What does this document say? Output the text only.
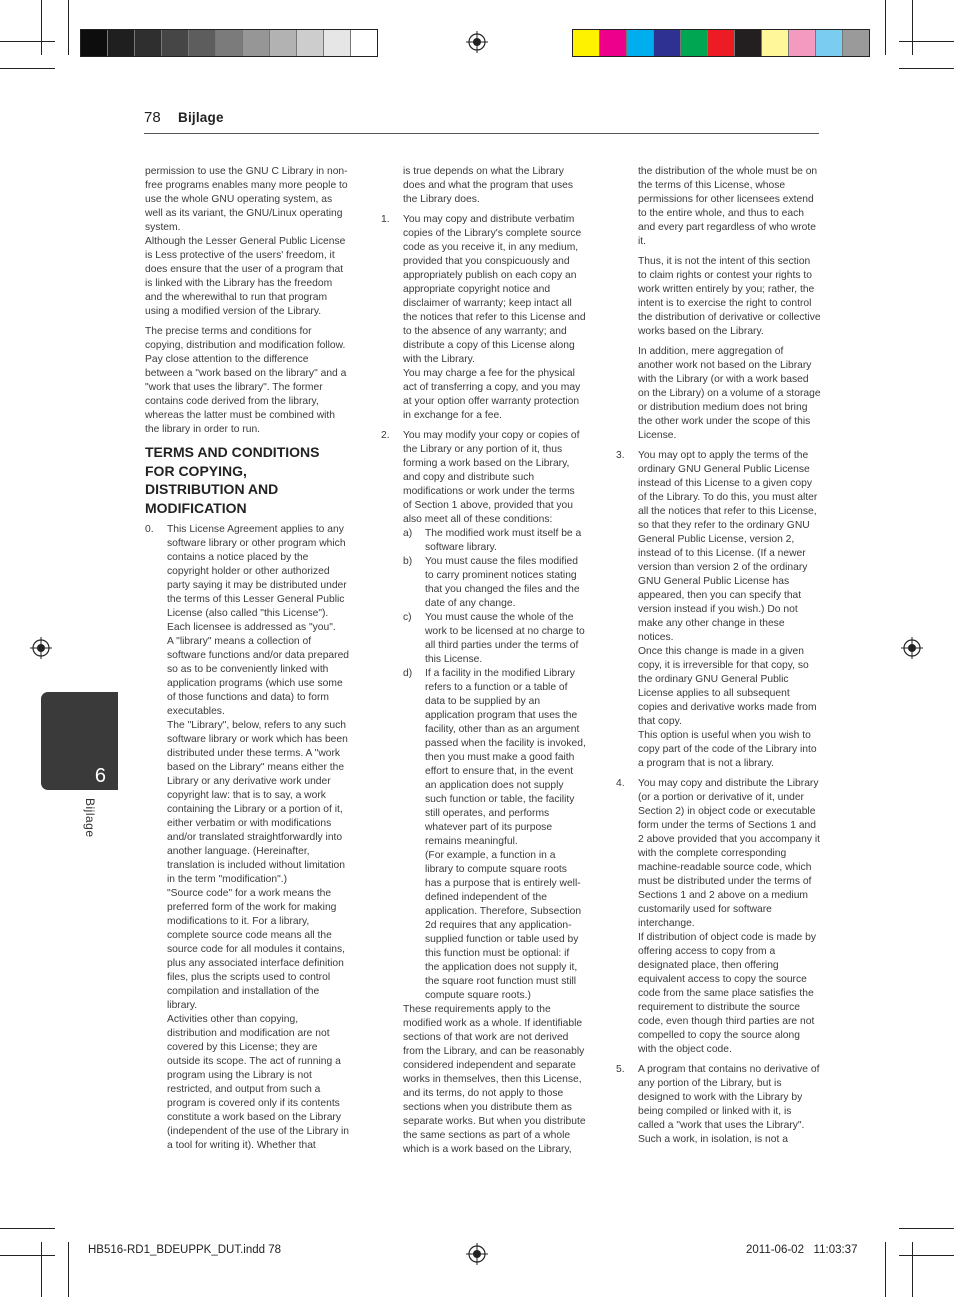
78 Bijlage
6
Bijlage

permission to use the GNU C Library in non-free programs enables many more people to use the whole GNU operating system, as well as its variant, the GNU/Linux operating system.
Although the Lesser General Public License is Less protective of the users' freedom, it does ensure that the user of a program that is linked with the Library has the freedom and the wherewithal to run that program using a modified version of the Library.

The precise terms and conditions for copying, distribution and modification follow. Pay close attention to the difference between a "work based on the library" and a "work that uses the library". The former contains code derived from the library, whereas the latter must be combined with the library in order to run.

TERMS AND CONDITIONS FOR COPYING, DISTRIBUTION AND MODIFICATION
0. This License Agreement applies to any software library or other program which contains a notice placed by the copyright holder or other authorized party saying it may be distributed under the terms of this Lesser General Public License (also called "this License"). Each licensee is addressed as "you".
A "library" means a collection of software functions and/or data prepared so as to be conveniently linked with application programs (which use some of those functions and data) to form executables.
The "Library", below, refers to any such software library or work which has been distributed under these terms. A "work based on the Library" means either the Library or any derivative work under copyright law: that is to say, a work containing the Library or a portion of it, either verbatim or with modifications and/or translated straightforwardly into another language. (Hereinafter, translation is included without limitation in the term "modification".)
"Source code" for a work means the preferred form of the work for making modifications to it. For a library, complete source code means all the source code for all modules it contains, plus any associated interface definition files, plus the scripts used to control compilation and installation of the library.
Activities other than copying, distribution and modification are not covered by this License; they are outside its scope. The act of running a program using the Library is not restricted, and output from such a program is covered only if its contents constitute a work based on the Library (independent of the use of the Library in a tool for writing it). Whether that

is true depends on what the Library does and what the program that uses the Library does.

1. You may copy and distribute verbatim copies of the Library's complete source code as you receive it, in any medium, provided that you conspicuously and appropriately publish on each copy an appropriate copyright notice and disclaimer of warranty; keep intact all the notices that refer to this License and to the absence of any warranty; and distribute a copy of this License along with the Library.
You may charge a fee for the physical act of transferring a copy, and you may at your option offer warranty protection in exchange for a fee.
2. You may modify your copy or copies of the Library or any portion of it, thus forming a work based on the Library, and copy and distribute such modifications or work under the terms of Section 1 above, provided that you also meet all of these conditions:
a) The modified work must itself be a software library.
b) You must cause the files modified to carry prominent notices stating that you changed the files and the date of any change.
c) You must cause the whole of the work to be licensed at no charge to all third parties under the terms of this License.
d) If a facility in the modified Library refers to a function or a table of data to be supplied by an application program that uses the facility, other than as an argument passed when the facility is invoked, then you must make a good faith effort to ensure that, in the event an application does not supply such function or table, the facility still operates, and performs whatever part of its purpose remains meaningful.
(For example, a function in a library to compute square roots has a purpose that is entirely well-defined independent of the application. Therefore, Subsection 2d requires that any application-supplied function or table used by this function must be optional: if the application does not supply it, the square root function must still compute square roots.)
These requirements apply to the modified work as a whole. If identifiable sections of that work are not derived from the Library, and can be reasonably considered independent and separate works in themselves, then this License, and its terms, do not apply to those sections when you distribute them as separate works. But when you distribute the same sections as part of a whole which is a work based on the Library,

the distribution of the whole must be on the terms of this License, whose permissions for other licensees extend to the entire whole, and thus to each and every part regardless of who wrote it.

Thus, it is not the intent of this section to claim rights or contest your rights to work written entirely by you; rather, the intent is to exercise the right to control the distribution of derivative or collective works based on the Library.

In addition, mere aggregation of another work not based on the Library with the Library (or with a work based on the Library) on a volume of a storage or distribution medium does not bring the other work under the scope of this License.

3. You may opt to apply the terms of the ordinary GNU General Public License instead of this License to a given copy of the Library. To do this, you must alter all the notices that refer to this License, so that they refer to the ordinary GNU General Public License, version 2, instead of to this License. (If a newer version than version 2 of the ordinary GNU General Public License has appeared, then you can specify that version instead if you wish.) Do not make any other change in these notices.
Once this change is made in a given copy, it is irreversible for that copy, so the ordinary GNU General Public License applies to all subsequent copies and derivative works made from that copy.
This option is useful when you wish to copy part of the code of the Library into a program that is not a library.
4. You may copy and distribute the Library (or a portion or derivative of it, under Section 2) in object code or executable form under the terms of Sections 1 and 2 above provided that you accompany it with the complete corresponding machine-readable source code, which must be distributed under the terms of Sections 1 and 2 above on a medium customarily used for software interchange.
If distribution of object code is made by offering access to copy from a designated place, then offering equivalent access to copy the source code from the same place satisfies the requirement to distribute the source code, even though third parties are not compelled to copy the source along with the object code.
5. A program that contains no derivative of any portion of the Library, but is designed to work with the Library by being compiled or linked with it, is called a "work that uses the Library". Such a work, in isolation, is not a
HB516-RD1_BDEUPPK_DUT.indd 78	2011-06-02   11:03:37
